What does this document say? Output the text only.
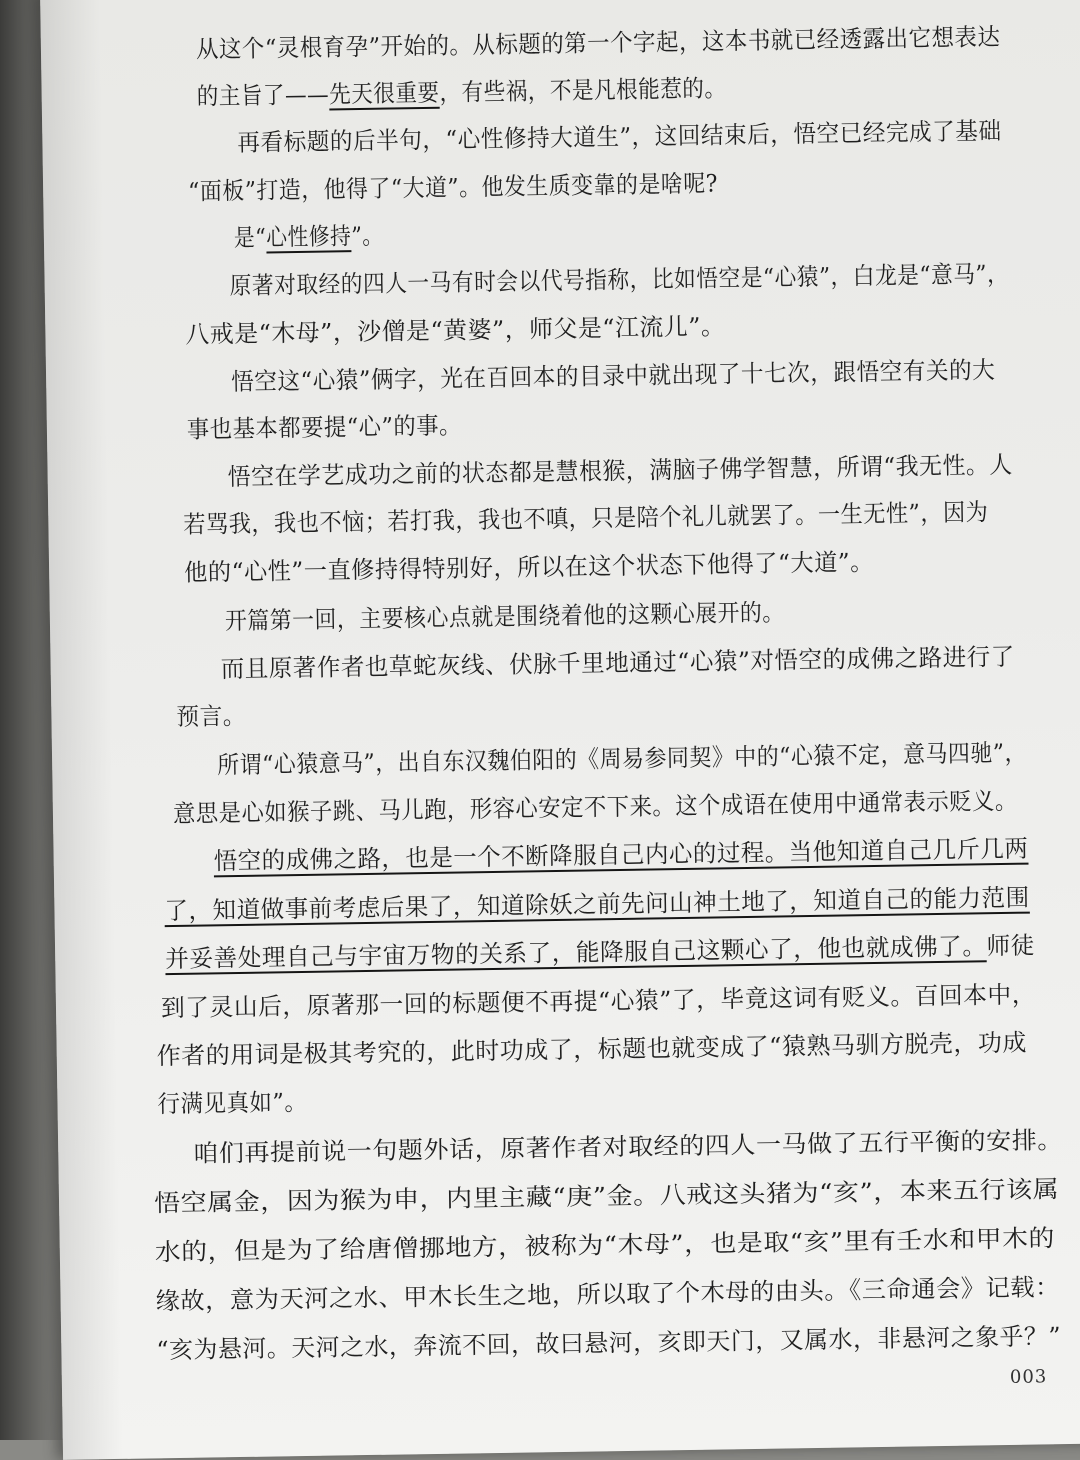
从这个“灵根育孕”开始的。从标题的第一个字起，这本书就已经透露出它想表达
的主旨了——先天很重要，有些祸，不是凡根能惹的。
再看标题的后半句，“心性修持大道生”，这回结束后，悟空已经完成了基础
“面板”打造，他得了“大道”。他发生质变靠的是啥呢?
是“心性修持”。
原著对取经的四人一马有时会以代号指称，比如悟空是“心猿”，白龙是“意马”，
八戒是“木母”，沙僧是“黄婆”，师父是“江流儿”。
悟空这“心猿”俩字，光在百回本的目录中就出现了十七次，跟悟空有关的大
事也基本都要提“心”的事。
悟空在学艺成功之前的状态都是慧根猴，满脑子佛学智慧，所谓“我无性。人
若骂我，我也不恼；若打我，我也不嗔，只是陪个礼儿就罢了。一生无性”，因为
他的“心性”一直修持得特别好，所以在这个状态下他得了“大道”。
开篇第一回，主要核心点就是围绕着他的这颗心展开的。
而且原著作者也草蛇灰线、伏脉千里地通过“心猿”对悟空的成佛之路进行了
预言。
所谓“心猿意马”，出自东汉魏伯阳的《周易参同契》中的“心猿不定，意马四驰”，
意思是心如猴子跳、马儿跑，形容心安定不下来。这个成语在使用中通常表示贬义。
悟空的成佛之路，也是一个不断降服自己内心的过程。当他知道自己几斤几两
了，知道做事前考虑后果了，知道除妖之前先问山神土地了，知道自己的能力范围
并妥善处理自己与宇宙万物的关系了，能降服自己这颗心了，他也就成佛了。师徒
到了灵山后，原著那一回的标题便不再提“心猿”了，毕竟这词有贬义。百回本中，
作者的用词是极其考究的，此时功成了，标题也就变成了“猿熟马驯方脱壳，功成
行满见真如”。
咱们再提前说一句题外话，原著作者对取经的四人一马做了五行平衡的安排。
悟空属金，因为猴为申，内里主藏“庚”金。八戒这头猪为“亥”，本来五行该属
水的，但是为了给唐僧挪地方，被称为“木母”，也是取“亥”里有壬水和甲木的
缘故，意为天河之水、甲木长生之地，所以取了个木母的由头。《三命通会》记载：
“亥为悬河。天河之水，奔流不回，故曰悬河，亥即天门，又属水，非悬河之象乎？”
003
